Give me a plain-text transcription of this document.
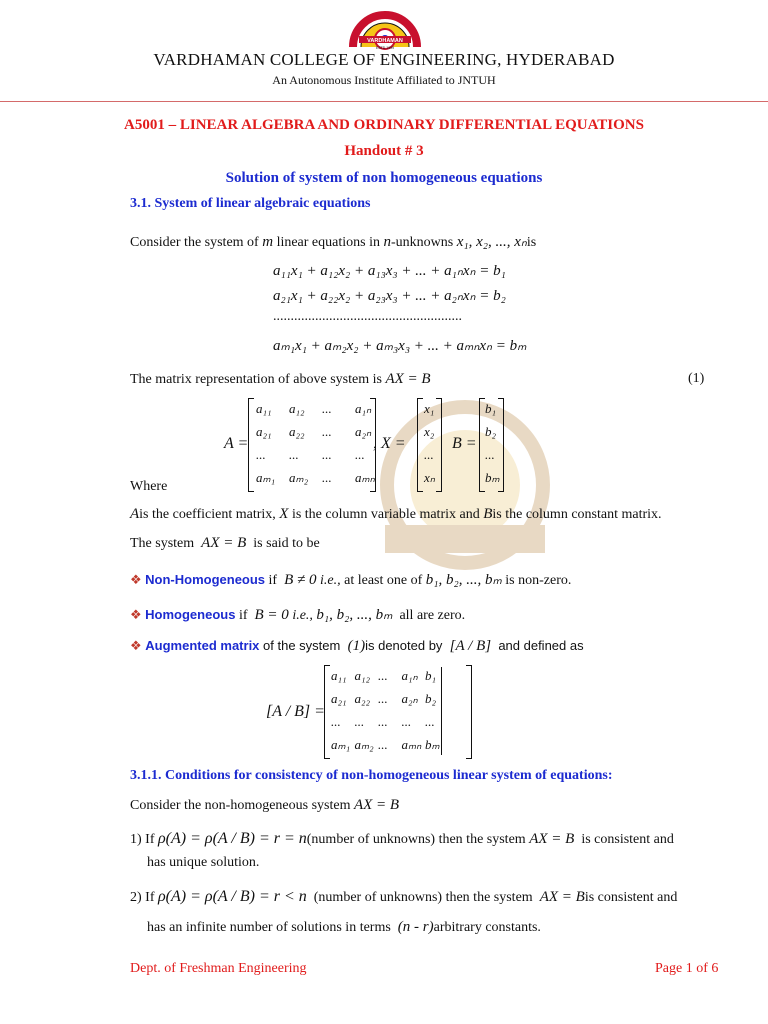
VARDHAMAN
ESTD 1999
VARDHAMAN COLLEGE OF ENGINEERING, HYDERABAD
An Autonomous Institute Affiliated to JNTUH
A5001 – LINEAR ALGEBRA AND ORDINARY DIFFERENTIAL EQUATIONS
Handout # 3
Solution of system of non homogeneous equations
3.1. System of linear algebraic equations
Consider the system of m linear equations in n-unknowns x₁, x₂, ..., xₙis
a₁₁x₁ + a₁₂x₂ + a₁₃x₃ + ... + a₁ₙxₙ = b₁
a₂₁x₁ + a₂₂x₂ + a₂₃x₃ + ... + a₂ₙxₙ = b₂
......................................................
aₘ₁x₁ + aₘ₂x₂ + aₘ₃x₃ + ... + aₘₙxₙ = bₘ
The matrix representation of above system is AX = B	(1)
A =
a₁₁ a₁₂ ... a₁ₙ
a₂₁ a₂₂ ... a₂ₙ
... ... ... ...
aₘ₁ aₘ₂ ... aₘₙ
, X =
x₁
x₂
...
xₙ
B =
b₁
b₂
...
bₘ
Where
Ais the coefficient matrix, X is the column variable matrix and Bis the column constant matrix.
The system AX = B is said to be
❖ Non-Homogeneous if B ≠ 0 i.e., at least one of b₁, b₂, ..., bₘ is non-zero.
❖ Homogeneous if B = 0 i.e., b₁, b₂, ..., bₘ all are zero.
❖ Augmented matrix of the system (1)is denoted by [A / B] and defined as
[A / B] =
a₁₁ a₁₂ ... a₁ₙ b₁
a₂₁ a₂₂ ... a₂ₙ b₂
... ... ... ... ...
aₘ₁ aₘ₂ ... aₘₙ bₘ
3.1.1. Conditions for consistency of non-homogeneous linear system of equations:
Consider the non-homogeneous system AX = B
1) If ρ(A) = ρ(A / B) = r = n(number of unknowns) then the system AX = B is consistent and
has unique solution.
2) If ρ(A) = ρ(A / B) = r < n (number of unknowns) then the system AX = Bis consistent and
has an infinite number of solutions in terms (n - r)arbitrary constants.
Dept. of Freshman Engineering	Page 1 of 6
